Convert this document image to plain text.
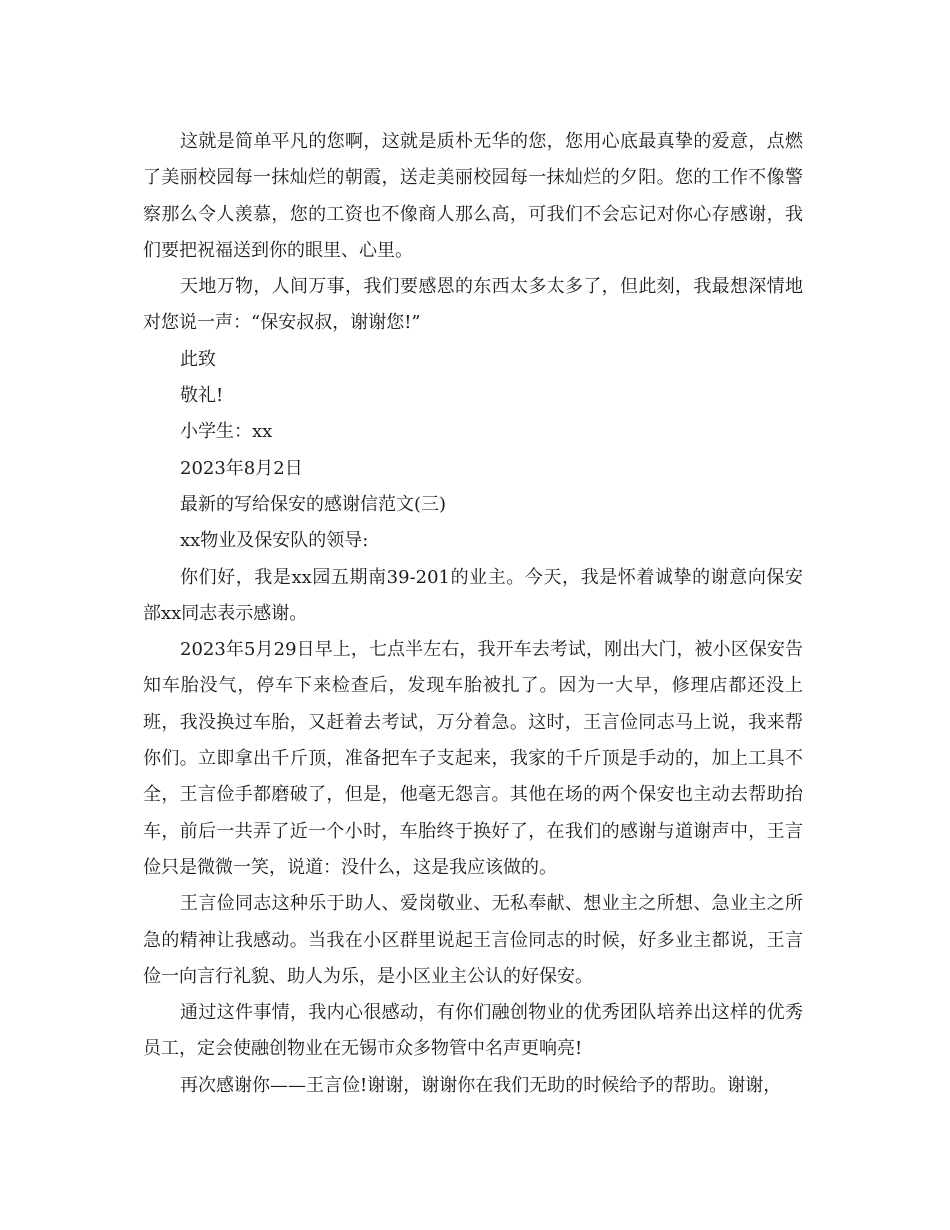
这就是简单平凡的您啊，这就是质朴无华的您，您用心底最真挚的爱意，点燃了美丽校园每一抹灿烂的朝霞，送走美丽校园每一抹灿烂的夕阳。您的工作不像警察那么令人羡慕，您的工资也不像商人那么高，可我们不会忘记对你心存感谢，我们要把祝福送到你的眼里、心里。

天地万物，人间万事，我们要感恩的东西太多太多了，但此刻，我最想深情地对您说一声：“保安叔叔，谢谢您!”

此致

敬礼!

小学生：xx

2023年8月2日

最新的写给保安的感谢信范文(三)

xx物业及保安队的领导:

你们好，我是xx园五期南39-201的业主。今天，我是怀着诚挚的谢意向保安部xx同志表示感谢。

2023年5月29日早上，七点半左右，我开车去考试，刚出大门，被小区保安告知车胎没气，停车下来检查后，发现车胎被扎了。因为一大早，修理店都还没上班，我没换过车胎，又赶着去考试，万分着急。这时，王言俭同志马上说，我来帮你们。立即拿出千斤顶，准备把车子支起来，我家的千斤顶是手动的，加上工具不全，王言俭手都磨破了，但是，他毫无怨言。其他在场的两个保安也主动去帮助抬车，前后一共弄了近一个小时，车胎终于换好了，在我们的感谢与道谢声中，王言俭只是微微一笑，说道：没什么，这是我应该做的。

王言俭同志这种乐于助人、爱岗敬业、无私奉献、想业主之所想、急业主之所急的精神让我感动。当我在小区群里说起王言俭同志的时候，好多业主都说，王言俭一向言行礼貌、助人为乐，是小区业主公认的好保安。

通过这件事情，我内心很感动，有你们融创物业的优秀团队培养出这样的优秀员工，定会使融创物业在无锡市众多物管中名声更响亮!

再次感谢你——王言俭!谢谢，谢谢你在我们无助的时候给予的帮助。谢谢，
